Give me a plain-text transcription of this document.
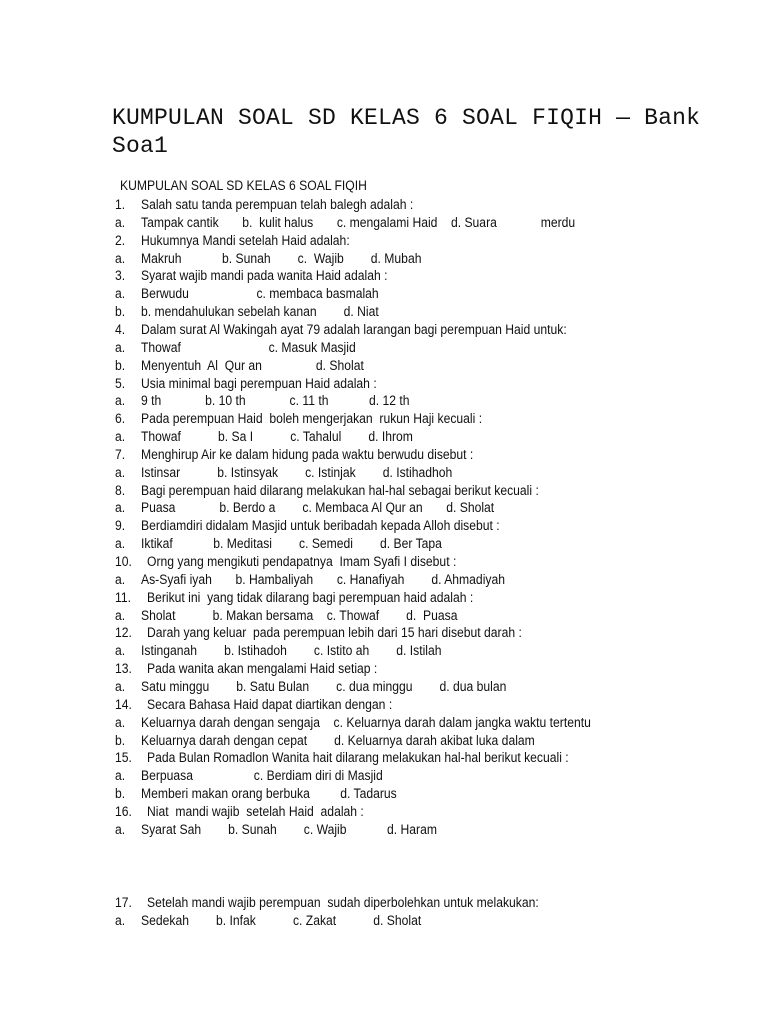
KUMPULAN SOAL SD KELAS 6 SOAL FIQIH — Bank Soa1
KUMPULAN SOAL SD KELAS 6 SOAL FIQIH
1. Salah satu tanda perempuan telah balegh adalah :
a. Tampak cantik       b.  kulit halus       c. mengalami Haid    d. Suara             merdu
2. Hukumnya Mandi setelah Haid adalah:
a. Makruh            b. Sunah        c.  Wajib        d. Mubah
3. Syarat wajib mandi pada wanita Haid adalah :
a. Berwudu                    c. membaca basmalah
b. b. mendahulukan sebelah kanan        d. Niat
4. Dalam surat Al Wakingah ayat 79 adalah larangan bagi perempuan Haid untuk:
a. Thowaf                          c. Masuk Masjid
b. Menyentuh  Al  Qur an                d. Sholat
5. Usia minimal bagi perempuan Haid adalah :
a. 9 th             b. 10 th             c. 11 th            d. 12 th
6. Pada perempuan Haid  boleh mengerjakan  rukun Haji kecuali :
a. Thowaf           b. Sa I           c. Tahalul        d. Ihrom
7. Menghirup Air ke dalam hidung pada waktu berwudu disebut :
a. Istinsar           b. Istinsyak        c. Istinjak        d. Istihadhoh
8. Bagi perempuan haid dilarang melakukan hal-hal sebagai berikut kecuali :
a. Puasa             b. Berdo a        c. Membaca Al Qur an       d. Sholat
9. Berdiamdiri didalam Masjid untuk beribadah kepada Alloh disebut :
a. Iktikaf            b. Meditasi        c. Semedi        d. Ber Tapa
10. Orng yang mengikuti pendapatnya  Imam Syafi I disebut :
a. As-Syafi iyah       b. Hambaliyah       c. Hanafiyah        d. Ahmadiyah
11. Berikut ini  yang tidak dilarang bagi perempuan haid adalah :
a. Sholat           b. Makan bersama    c. Thowaf        d.  Puasa
12. Darah yang keluar  pada perempuan lebih dari 15 hari disebut darah :
a. Istinganah        b. Istihadoh        c. Istito ah        d. Istilah
13. Pada wanita akan mengalami Haid setiap :
a. Satu minggu        b. Satu Bulan        c. dua minggu        d. dua bulan
14. Secara Bahasa Haid dapat diartikan dengan :
a. Keluarnya darah dengan sengaja    c. Keluarnya darah dalam jangka waktu tertentu
b. Keluarnya darah dengan cepat        d. Keluarnya darah akibat luka dalam
15. Pada Bulan Romadlon Wanita hait dilarang melakukan hal-hal berikut kecuali :
a. Berpuasa                  c. Berdiam diri di Masjid
b. Memberi makan orang berbuka         d. Tadarus
16. Niat  mandi wajib  setelah Haid  adalah :
a. Syarat Sah        b. Sunah        c. Wajib            d. Haram
17. Setelah mandi wajib perempuan  sudah diperbolehkan untuk melakukan:
a. Sedekah        b. Infak           c. Zakat           d. Sholat
